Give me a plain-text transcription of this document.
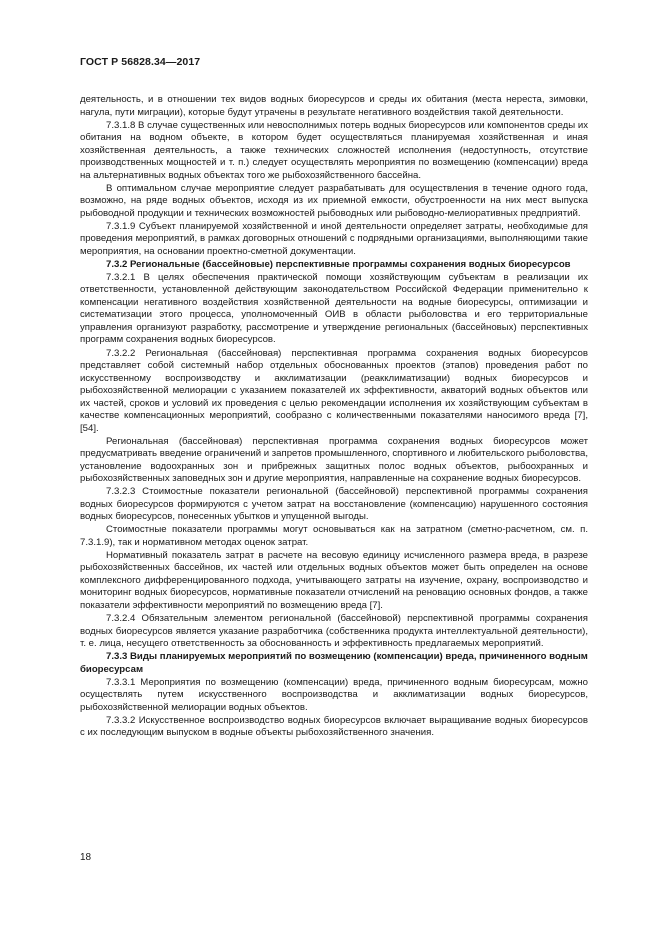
ГОСТ Р 56828.34—2017

деятельность, и в отношении тех видов водных биоресурсов и среды их обитания (места нереста, зимовки, нагула, пути миграции), которые будут утрачены в результате негативного воздействия такой деятельности.

7.3.1.8 В случае существенных или невосполнимых потерь водных биоресурсов или компонентов среды их обитания на водном объекте, в котором будет осуществляться планируемая хозяйственная и иная хозяйственная деятельность, а также технических сложностей исполнения (недоступность, отсутствие производственных мощностей и т. п.) следует осуществлять мероприятия по возмещению (компенсации) вреда на альтернативных водных объектах того же рыбохозяйственного бассейна.

В оптимальном случае мероприятие следует разрабатывать для осуществления в течение одного года, возможно, на ряде водных объектов, исходя из их приемной емкости, обустроенности на них мест выпуска рыбоводной продукции и технических возможностей рыбоводных или рыбоводно-мелиоративных предприятий.

7.3.1.9 Субъект планируемой хозяйственной и иной деятельности определяет затраты, необходимые для проведения мероприятий, в рамках договорных отношений с подрядными организациями, выполняющими такие мероприятия, на основании проектно-сметной документации.

7.3.2 Региональные (бассейновые) перспективные программы сохранения водных биоресурсов

7.3.2.1 В целях обеспечения практической помощи хозяйствующим субъектам в реализации их ответственности, установленной действующим законодательством Российской Федерации применительно к компенсации негативного воздействия хозяйственной деятельности на водные биоресурсы, оптимизации и систематизации этого процесса, уполномоченный ОИВ в области рыболовства и его территориальные управления организуют разработку, рассмотрение и утверждение региональных (бассейновых) перспективных программ сохранения водных биоресурсов.

7.3.2.2 Региональная (бассейновая) перспективная программа сохранения водных биоресурсов представляет собой системный набор отдельных обоснованных проектов (этапов) проведения работ по искусственному воспроизводству и акклиматизации (реакклиматизации) водных биоресурсов и рыбохозяйственной мелиорации с указанием показателей их эффективности, акваторий водных объектов или их частей, сроков и условий их проведения с целью рекомендации исполнения их хозяйствующим субъектам в качестве компенсационных мероприятий, сообразно с количественными показателями наносимого вреда [7], [54].

Региональная (бассейновая) перспективная программа сохранения водных биоресурсов может предусматривать введение ограничений и запретов промышленного, спортивного и любительского рыболовства, установление водоохранных зон и прибрежных защитных полос водных объектов, рыбоохранных и рыбохозяйственных заповедных зон и другие мероприятия, направленные на сохранение водных биоресурсов.

7.3.2.3 Стоимостные показатели региональной (бассейновой) перспективной программы сохранения водных биоресурсов формируются с учетом затрат на восстановление (компенсацию) нарушенного состояния водных биоресурсов, понесенных убытков и упущенной выгоды.

Стоимостные показатели программы могут основываться как на затратном (сметно-расчетном, см. п. 7.3.1.9), так и нормативном методах оценок затрат.

Нормативный показатель затрат в расчете на весовую единицу исчисленного размера вреда, в разрезе рыбохозяйственных бассейнов, их частей или отдельных водных объектов может быть определен на основе комплексного дифференцированного подхода, учитывающего затраты на изучение, охрану, воспроизводство и мониторинг водных биоресурсов, нормативные показатели отчислений на реновацию основных фондов, а также показатели эффективности мероприятий по возмещению вреда [7].

7.3.2.4 Обязательным элементом региональной (бассейновой) перспективной программы сохранения водных биоресурсов является указание разработчика (собственника продукта интеллектуальной деятельности), т. е. лица, несущего ответственность за обоснованность и эффективность предлагаемых мероприятий.

7.3.3 Виды планируемых мероприятий по возмещению (компенсации) вреда, причиненного водным биоресурсам

7.3.3.1 Мероприятия по возмещению (компенсации) вреда, причиненного водным биоресурсам, можно осуществлять путем искусственного воспроизводства и акклиматизации водных биоресурсов, рыбохозяйственной мелиорации водных объектов.

7.3.3.2 Искусственное воспроизводство водных биоресурсов включает выращивание водных биоресурсов с их последующим выпуском в водные объекты рыбохозяйственного значения.

18
